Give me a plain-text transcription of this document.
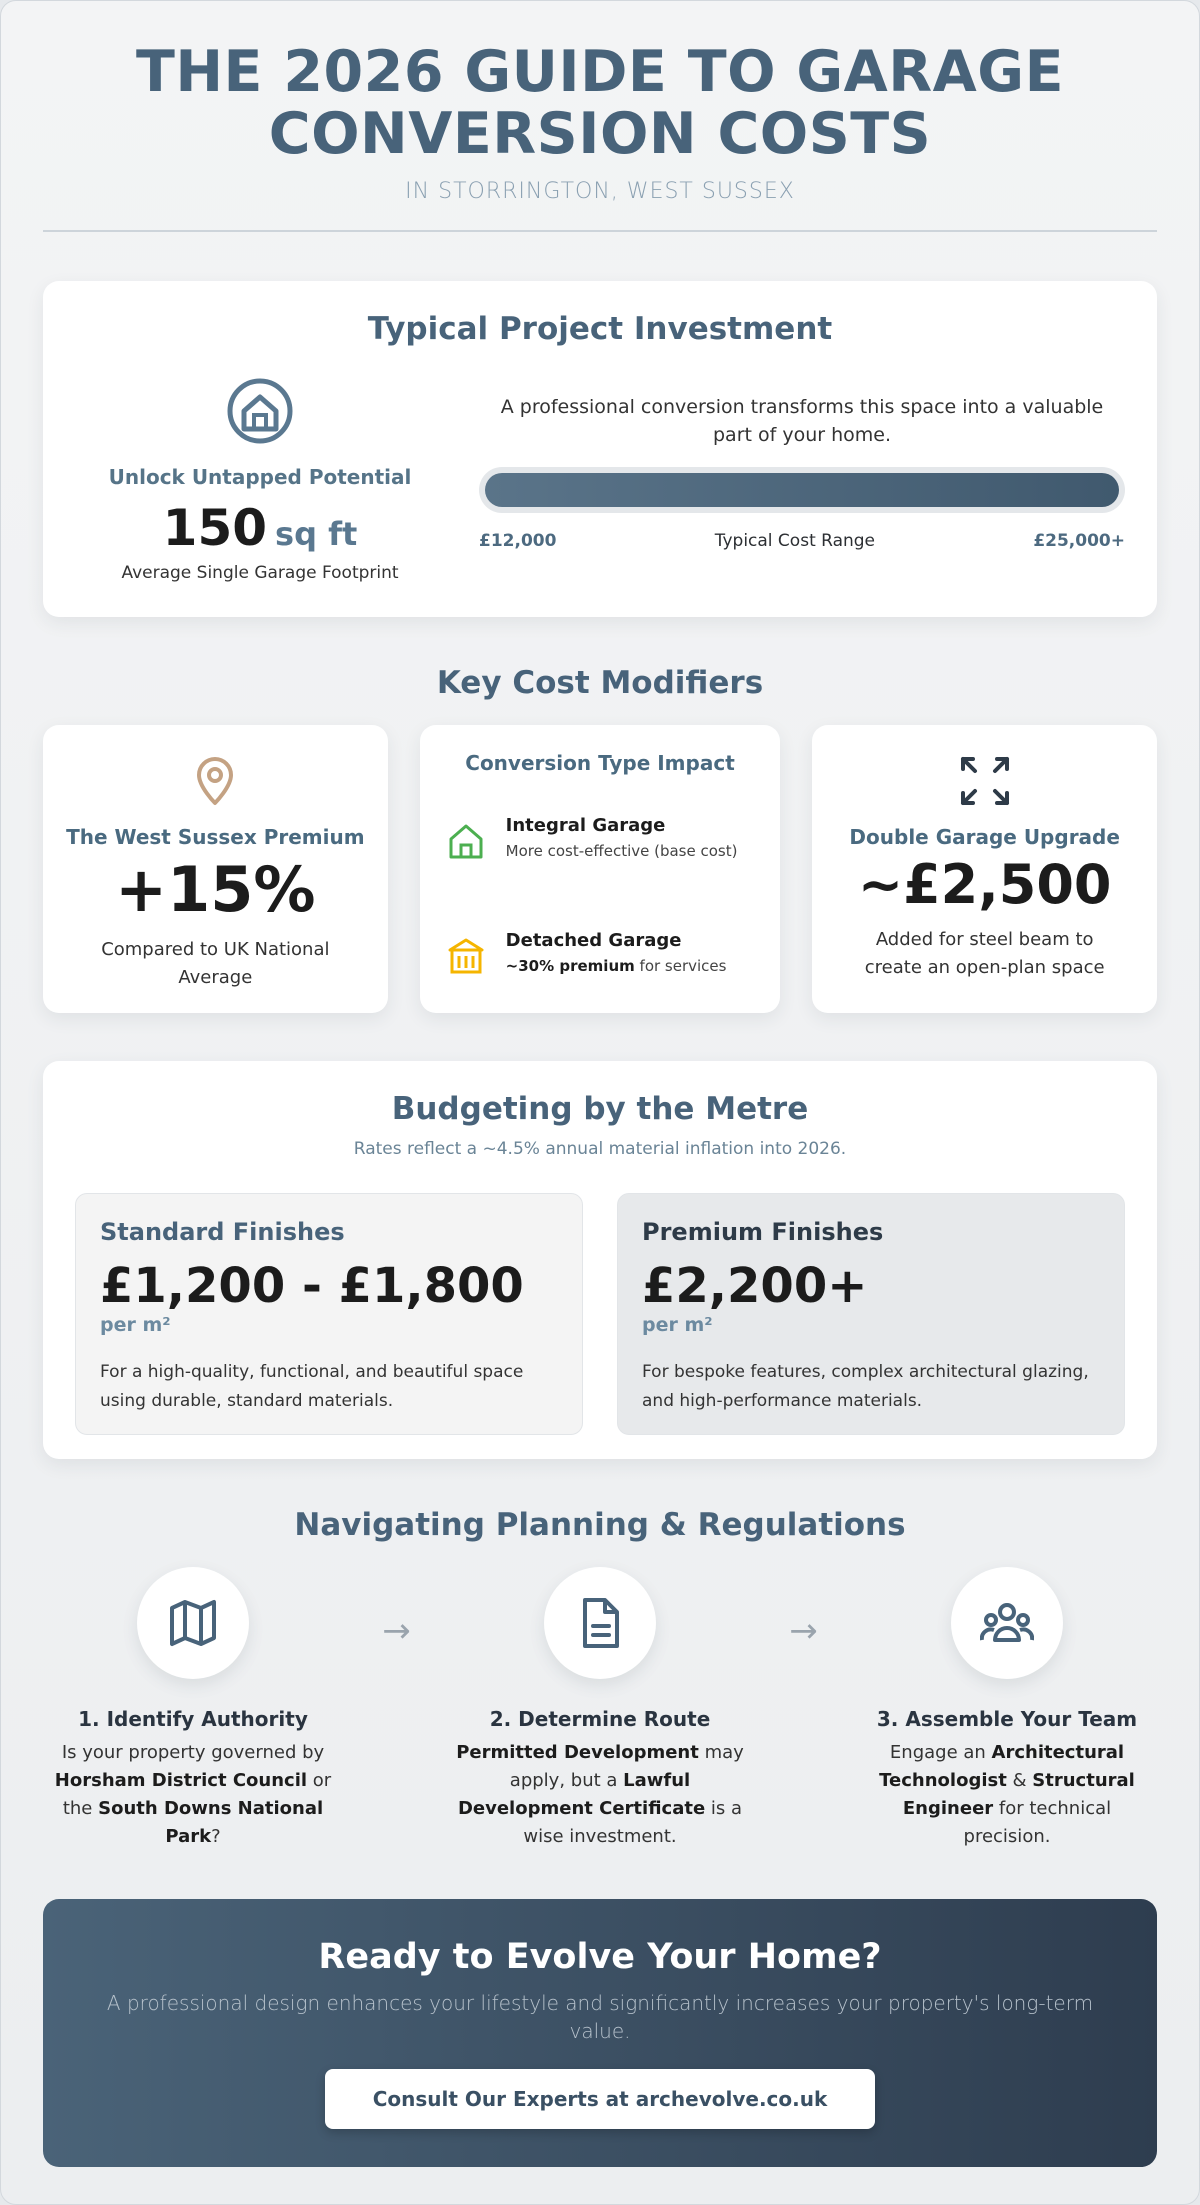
THE 2026 GUIDE TO GARAGE
CONVERSION COSTS
IN STORRINGTON, WEST SUSSEX
Typical Project Investment
Unlock Untapped Potential
150 sq ft
Average Single Garage Footprint
A professional conversion transforms this space into a valuable part of your home.
£12,000	Typical Cost Range	£25,000+
Key Cost Modifiers
The West Sussex Premium
+15%
Compared to UK National Average
Conversion Type Impact
Integral Garage
More cost-effective (base cost)
Detached Garage
~30% premium for services
Double Garage Upgrade
~£2,500
Added for steel beam to create an open-plan space
Budgeting by the Metre
Rates reflect a ~4.5% annual material inflation into 2026.
Standard Finishes
£1,200 - £1,800
per m²
For a high-quality, functional, and beautiful space using durable, standard materials.
Premium Finishes
£2,200+
per m²
For bespoke features, complex architectural glazing, and high-performance materials.
Navigating Planning & Regulations
1. Identify Authority
Is your property governed by Horsham District Council or the South Downs National Park?
→
2. Determine Route
Permitted Development may apply, but a Lawful Development Certificate is a wise investment.
→
3. Assemble Your Team
Engage an Architectural Technologist & Structural Engineer for technical precision.
Ready to Evolve Your Home?
A professional design enhances your lifestyle and significantly increases your property's long-term value.
Consult Our Experts at archevolve.co.uk
